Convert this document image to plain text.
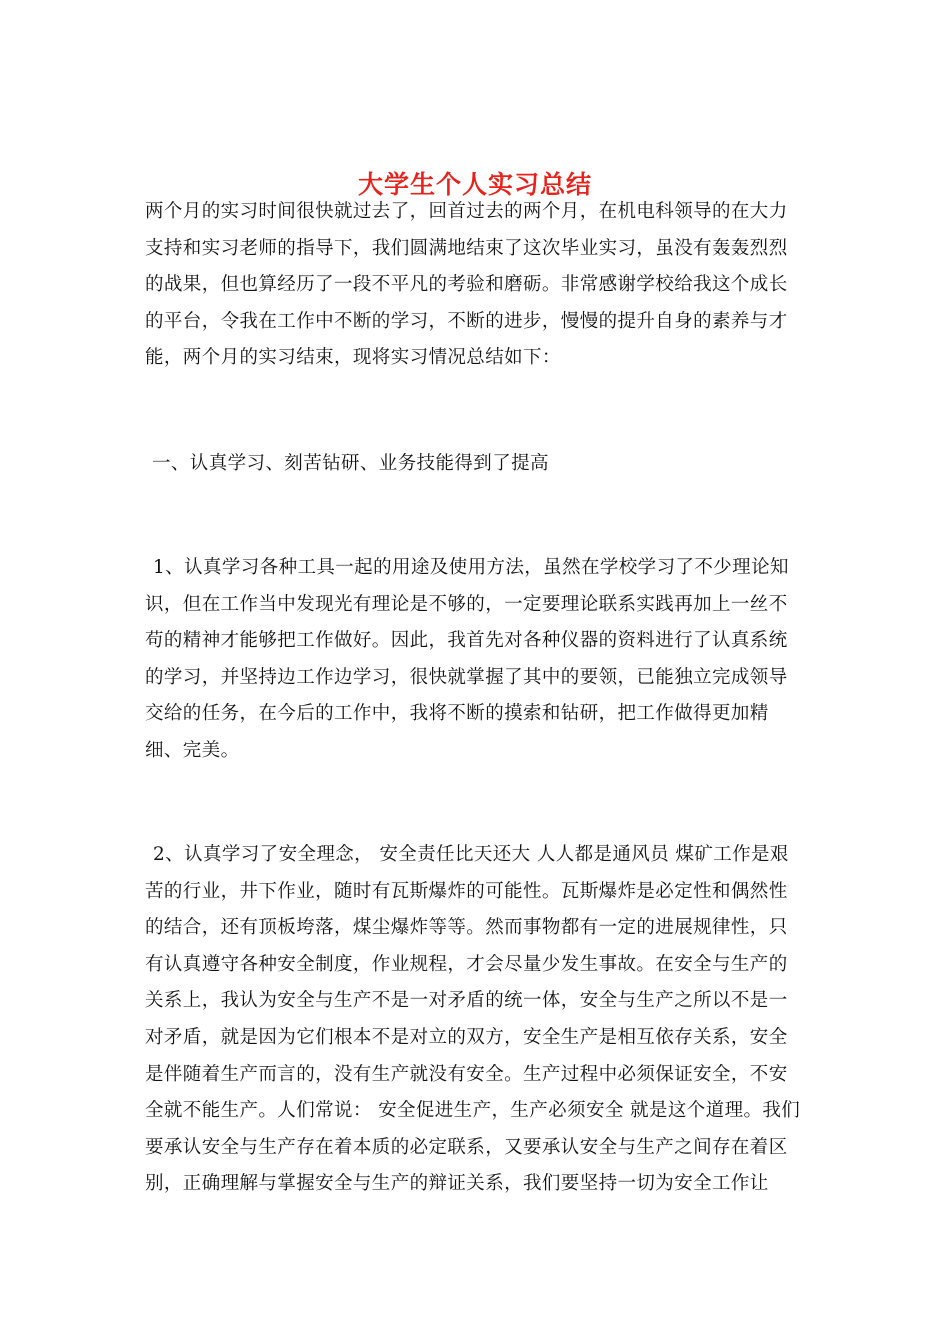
大学生个人实习总结

两个月的实习时间很快就过去了，回首过去的两个月，在机电科领导的在大力支持和实习老师的指导下，我们圆满地结束了这次毕业实习，虽没有轰轰烈烈的战果，但也算经历了一段不平凡的考验和磨砺。非常感谢学校给我这个成长的平台，令我在工作中不断的学习，不断的进步，慢慢的提升自身的素养与才能，两个月的实习结束，现将实习情况总结如下：

一、认真学习、刻苦钻研、业务技能得到了提高

1、认真学习各种工具一起的用途及使用方法，虽然在学校学习了不少理论知识，但在工作当中发现光有理论是不够的，一定要理论联系实践再加上一丝不苟的精神才能够把工作做好。因此，我首先对各种仪器的资料进行了认真系统的学习，并坚持边工作边学习，很快就掌握了其中的要领，已能独立完成领导交给的任务，在今后的工作中，我将不断的摸索和钻研，把工作做得更加精细、完美。

2、认真学习了安全理念， 安全责任比天还大 人人都是通风员 煤矿工作是艰苦的行业，井下作业，随时有瓦斯爆炸的可能性。瓦斯爆炸是必定性和偶然性的结合，还有顶板垮落，煤尘爆炸等等。然而事物都有一定的进展规律性，只有认真遵守各种安全制度，作业规程，才会尽量少发生事故。在安全与生产的关系上，我认为安全与生产不是一对矛盾的统一体，安全与生产之所以不是一对矛盾，就是因为它们根本不是对立的双方，安全生产是相互依存关系，安全是伴随着生产而言的，没有生产就没有安全。生产过程中必须保证安全，不安全就不能生产。人们常说： 安全促进生产，生产必须安全 就是这个道理。我们要承认安全与生产存在着本质的必定联系，又要承认安全与生产之间存在着区别，正确理解与掌握安全与生产的辩证关系，我们要坚持一切为安全工作让
